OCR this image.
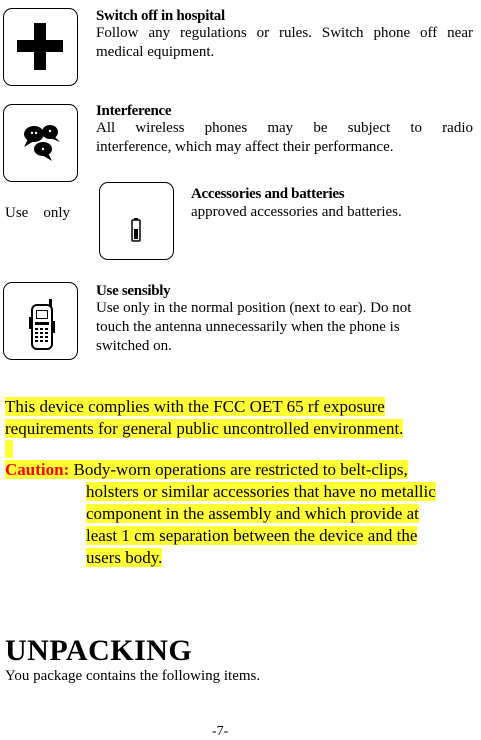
Switch off in hospital
Follow any regulations or rules. Switch phone off near
medical equipment.
Interference
All wireless phones may be subject to radio
interference, which may affect their performance.
Use    only
Accessories and batteries
approved accessories and batteries.
Use sensibly
Use only in the normal position (next to ear). Do not
touch the antenna unnecessarily when the phone is
switched on.
This device complies with the FCC OET 65 rf exposure
requirements for general public uncontrolled environment.
Caution: Body-worn operations are restricted to belt-clips,
holsters or similar accessories that have no metallic
component in the assembly and which provide at
least 1 cm separation between the device and the
users body.
UNPACKING
You package contains the following items.
-7-
